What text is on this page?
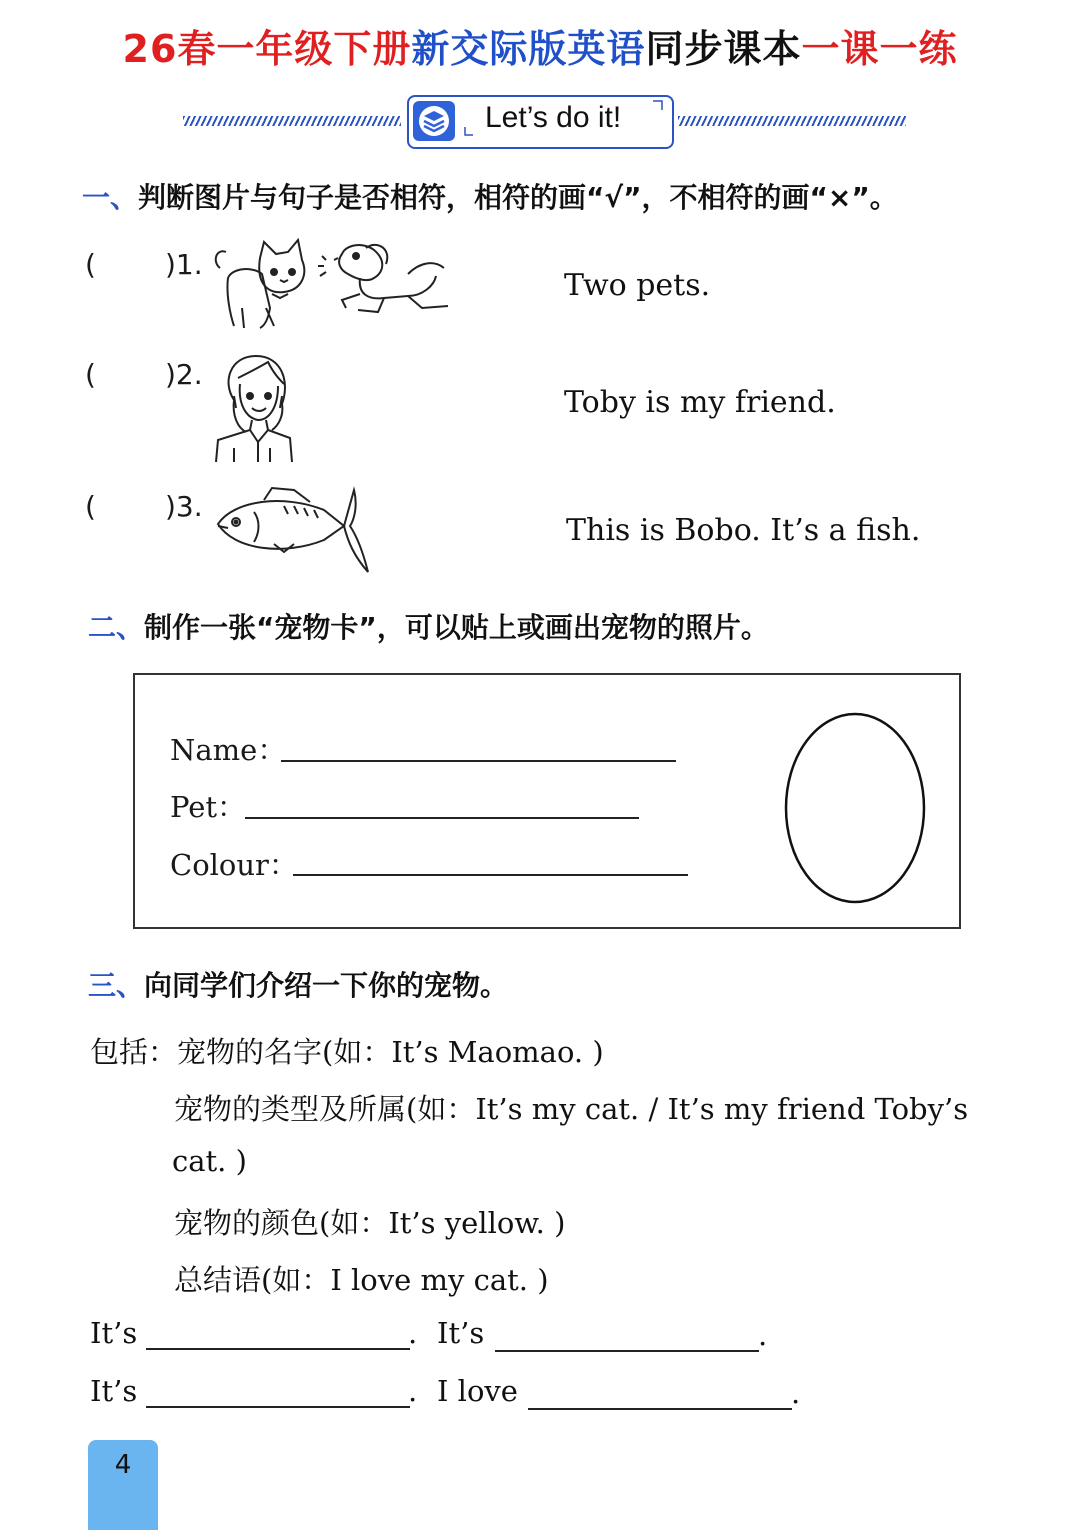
26春一年级下册新交际版英语同步课本一课一练
Let’s do it!
一、判断图片与句子是否相符，相符的画“√”，不相符的画“×”。
( )1.
Two pets.
( )2.
Toby is my friend.
( )3.
This is Bobo. It’s a fish.
二、制作一张“宠物卡”，可以贴上或画出宠物的照片。
Name：
Pet：
Colour：
三、向同学们介绍一下你的宠物。
包括：宠物的名字(如：It’s Maomao. )
宠物的类型及所属(如：It’s my cat. / It’s my friend Toby’s
cat. )
宠物的颜色(如：It’s yellow. )
总结语(如：I love my cat. )
It’s	. It’s	.
It’s	. I love	.
4
